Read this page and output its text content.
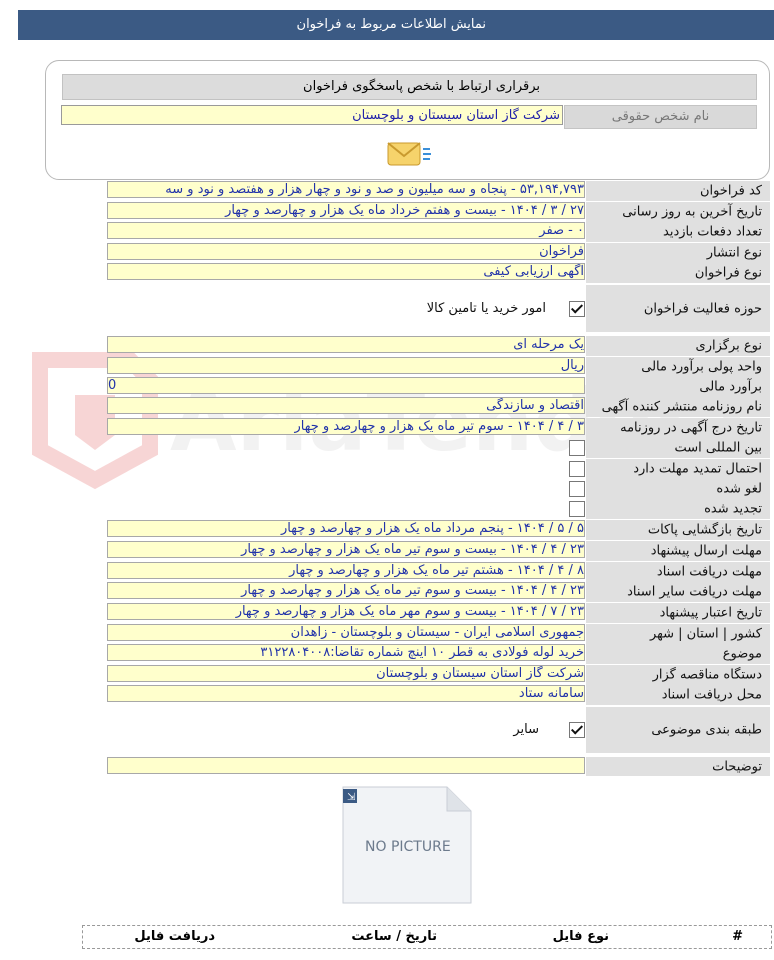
نمایش اطلاعات مربوط به فراخوان
برقراری ارتباط با شخص پاسخگوی فراخوان
نام شخص حقوقی
شرکت گاز استان سیستان و بلوچستان
کد فراخوان
۵۳,۱۹۴,۷۹۳ - پنجاه و سه میلیون و صد و نود و چهار هزار و هفتصد و نود و سه
تاریخ آخرین به روز رسانی
۲۷ / ۳ / ۱۴۰۴ - بیست و هفتم خرداد ماه یک هزار و چهارصد و چهار
تعداد دفعات بازدید
۰ - صفر
نوع انتشار
فراخوان
نوع فراخوان
آگهی ارزیابی کیفی
حوزه فعالیت فراخوان
امور خرید یا تامین کالا
نوع برگزاری
یک مرحله ای
واحد پولی برآورد مالی
ریال
برآورد مالی
0
نام روزنامه منتشر کننده آگهی
اقتصاد و سازندگی
تاریخ درج آگهی در روزنامه
۳ / ۴ / ۱۴۰۴ - سوم تیر ماه یک هزار و چهارصد و چهار
تاریخ بازگشایی پاکات
۵ / ۵ / ۱۴۰۴ - پنجم مرداد ماه یک هزار و چهارصد و چهار
مهلت ارسال پیشنهاد
۲۳ / ۴ / ۱۴۰۴ - بیست و سوم تیر ماه یک هزار و چهارصد و چهار
مهلت دریافت اسناد
۸ / ۴ / ۱۴۰۴ - هشتم تیر ماه یک هزار و چهارصد و چهار
مهلت دریافت سایر اسناد
۲۳ / ۴ / ۱۴۰۴ - بیست و سوم تیر ماه یک هزار و چهارصد و چهار
تاریخ اعتبار پیشنهاد
۲۳ / ۷ / ۱۴۰۴ - بیست و سوم مهر ماه یک هزار و چهارصد و چهار
کشور | استان | شهر
جمهوری اسلامی ایران - سیستان و بلوچستان - زاهدان
موضوع
خرید لوله فولادی به قطر ۱۰ اینچ شماره تقاضا:۳۱۲۲۸۰۴۰۰۸
دستگاه مناقصه گزار
شرکت گاز استان سیستان و بلوچستان
محل دریافت اسناد
سامانه ستاد
بین المللی است
احتمال تمدید مهلت دارد
لغو شده
تجدید شده
طبقه بندی موضوعی
سایر
توضیحات
⇲
NO PICTURE
#
نوع فایل
تاریخ / ساعت
دریافت فایل
